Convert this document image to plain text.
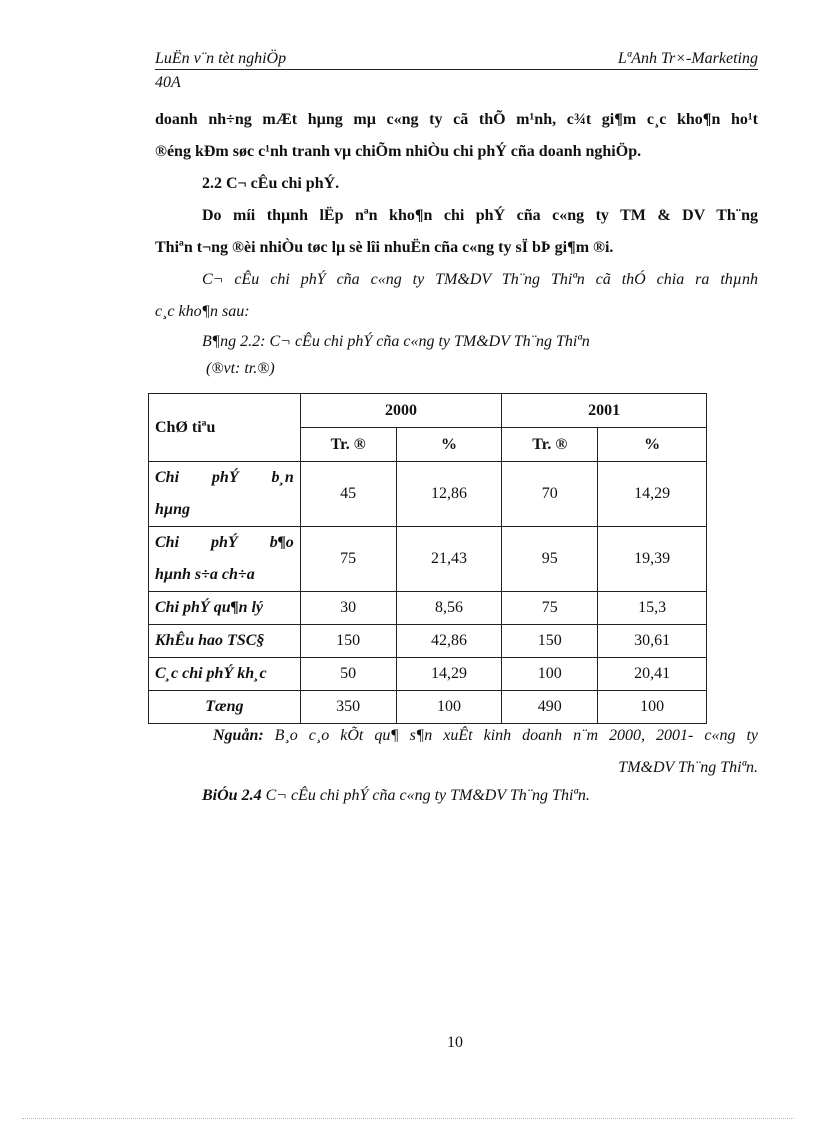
LuËn v¨n tèt nghiÖp	LªAnh Tr×-Marketing
40A

doanh nh÷ng mÆt hµng mµ c«ng ty cã thÕ m¹nh, c¾t gi¶m c¸c kho¶n ho¹t

®éng kÐm søc c¹nh tranh vµ chiÕm nhiÒu chi phÝ cña doanh nghiÖp.

2.2 C¬ cÊu chi phÝ.

Do míi thµnh lËp nªn kho¶n chi phÝ cña c«ng ty TM & DV Th¨ng

Thiªn t¬ng ®èi nhiÒu tøc lµ sè lîi nhuËn cña c«ng ty sÏ bÞ gi¶m ®i.

C¬ cÊu chi phÝ cña c«ng ty TM&DV Th¨ng Thiªn cã thÓ chia ra thµnh

c¸c kho¶n sau:

B¶ng 2.2: C¬ cÊu chi phÝ cña c«ng ty TM&DV Th¨ng Thiªn

(®vt: tr.®)

ChØ tiªu	2000		2001	
	Tr. ®	%	Tr. ®	%

Chi phÝ b¸n
hµng	45	12,86	70	14,29

Chi phÝ b¶o
hµnh s÷a ch÷a	75	21,43	95	19,39
Chi phÝ qu¶n lý	30	8,56	75	15,3
KhÊu hao TSC§	150	42,86	150	30,61
C¸c chi phÝ kh¸c	50	14,29	100	20,41
Tæng	350	100	490	100
Nguån: B¸o c¸o kÕt qu¶ s¶n xuÊt kinh doanh n¨m 2000, 2001- c«ng ty
TM&DV Th¨ng Thiªn.
BiÓu 2.4 C¬ cÊu chi phÝ cña c«ng ty TM&DV Th¨ng Thiªn.
10
